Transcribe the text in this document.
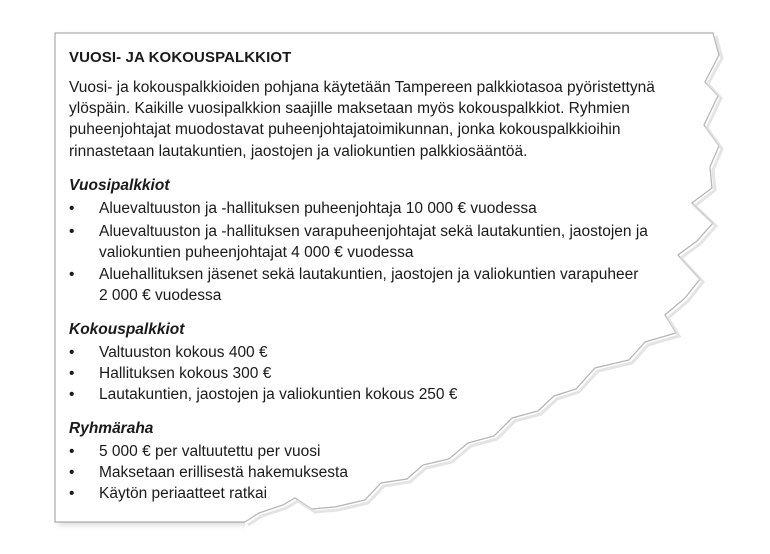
VUOSI- JA KOKOUSPALKKIOT
Vuosi- ja kokouspalkkioiden pohjana käytetään Tampereen palkkiotasoa pyöristettynä
ylöspäin. Kaikille vuosipalkkion saajille maksetaan myös kokouspalkkiot. Ryhmien
puheenjohtajat muodostavat puheenjohtajatoimikunnan, jonka kokouspalkkioihin
rinnastetaan lautakuntien, jaostojen ja valiokuntien palkkiosääntöä.
Vuosipalkkiot
• Aluevaltuuston ja -hallituksen puheenjohtaja 10 000 € vuodessa
• Aluevaltuuston ja -hallituksen varapuheenjohtajat sekä lautakuntien, jaostojen ja
valiokuntien puheenjohtajat 4 000 € vuodessa
• Aluehallituksen jäsenet sekä lautakuntien, jaostojen ja valiokuntien varapuheer
2 000 € vuodessa
Kokouspalkkiot
• Valtuuston kokous 400 €
• Hallituksen kokous 300 €
• Lautakuntien, jaostojen ja valiokuntien kokous 250 €
Ryhmäraha
• 5 000 € per valtuutettu per vuosi
• Maksetaan erillisestä hakemuksesta
• Käytön periaatteet ratkai
